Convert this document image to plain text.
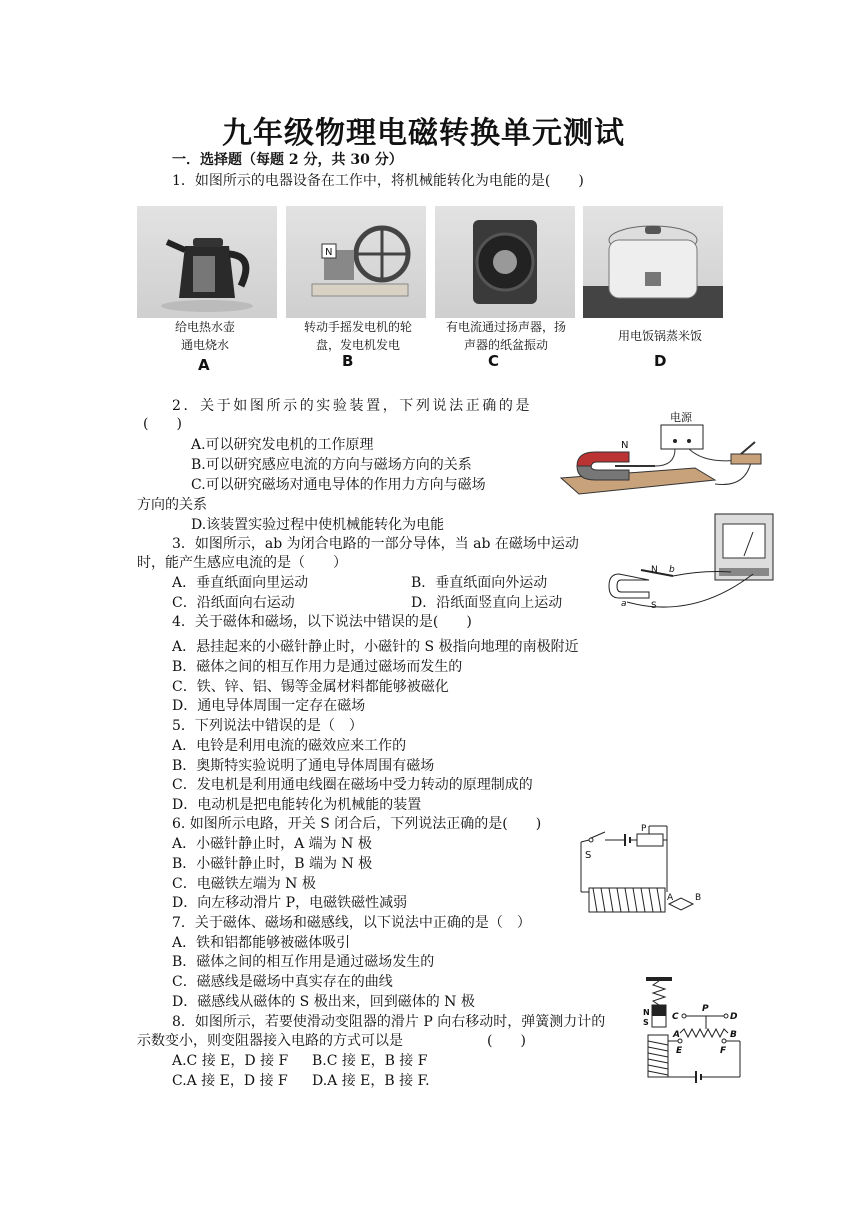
九年级物理电磁转换单元测试
一．选择题（每题 2 分，共 30 分）
1．如图所示的电器设备在工作中，将机械能转化为电能的是(　　)
N
给电热水壶
通电烧水
转动手摇发电机的轮
盘，发电机发电
有电流通过扬声器，扬
声器的纸盆振动
用电饭锅蒸米饭
A	B	C	D
2．关于如图所示的实验装置，下列说法正确的是
(　　)
A.可以研究发电机的工作原理
B.可以研究感应电流的方向与磁场方向的关系
C.可以研究磁场对通电导体的作用力方向与磁场
方向的关系
D.该装置实验过程中使机械能转化为电能
电源
N
3．如图所示，ab 为闭合电路的一部分导体，当 ab 在磁场中运动
时，能产生感应电流的是（　　）
A．垂直纸面向里运动	B．垂直纸面向外运动
C．沿纸面向右运动	D．沿纸面竖直向上运动
N
S
a
b
4．关于磁体和磁场，以下说法中错误的是(　　)
A．悬挂起来的小磁针静止时，小磁针的 S 极指向地理的南极附近
B．磁体之间的相互作用力是通过磁场而发生的
C．铁、锌、铝、锡等金属材料都能够被磁化
D．通电导体周围一定存在磁场
5．下列说法中错误的是（　）
A．电铃是利用电流的磁效应来工作的
B．奥斯特实验说明了通电导体周围有磁场
C．发电机是利用通电线圈在磁场中受力转动的原理制成的
D．电动机是把电能转化为机械能的装置
6. 如图所示电路，开关 S 闭合后，下列说法正确的是(　　)
A．小磁针静止时，A 端为 N 极
B．小磁针静止时，B 端为 N 极
C．电磁铁左端为 N 极
D．向左移动滑片 P，电磁铁磁性减弱
S
P
A B
7．关于磁体、磁场和磁感线，以下说法中正确的是（　）
A．铁和铝都能够被磁体吸引
B．磁体之间的相互作用是通过磁场发生的
C．磁感线是磁场中真实存在的曲线
D．磁感线从磁体的 S 极出来，回到磁体的 N 极
8．如图所示，若要使滑动变阻器的滑片 P 向右移动时，弹簧测力计的
示数变小，则变阻器接入电路的方式可以是	(　　)
A.C 接 E，D 接 F B.C 接 E，B 接 F
C.A 接 E，D 接 F D.A 接 E，B 接 F.
N
S
C	D
P
A	B
E	F
